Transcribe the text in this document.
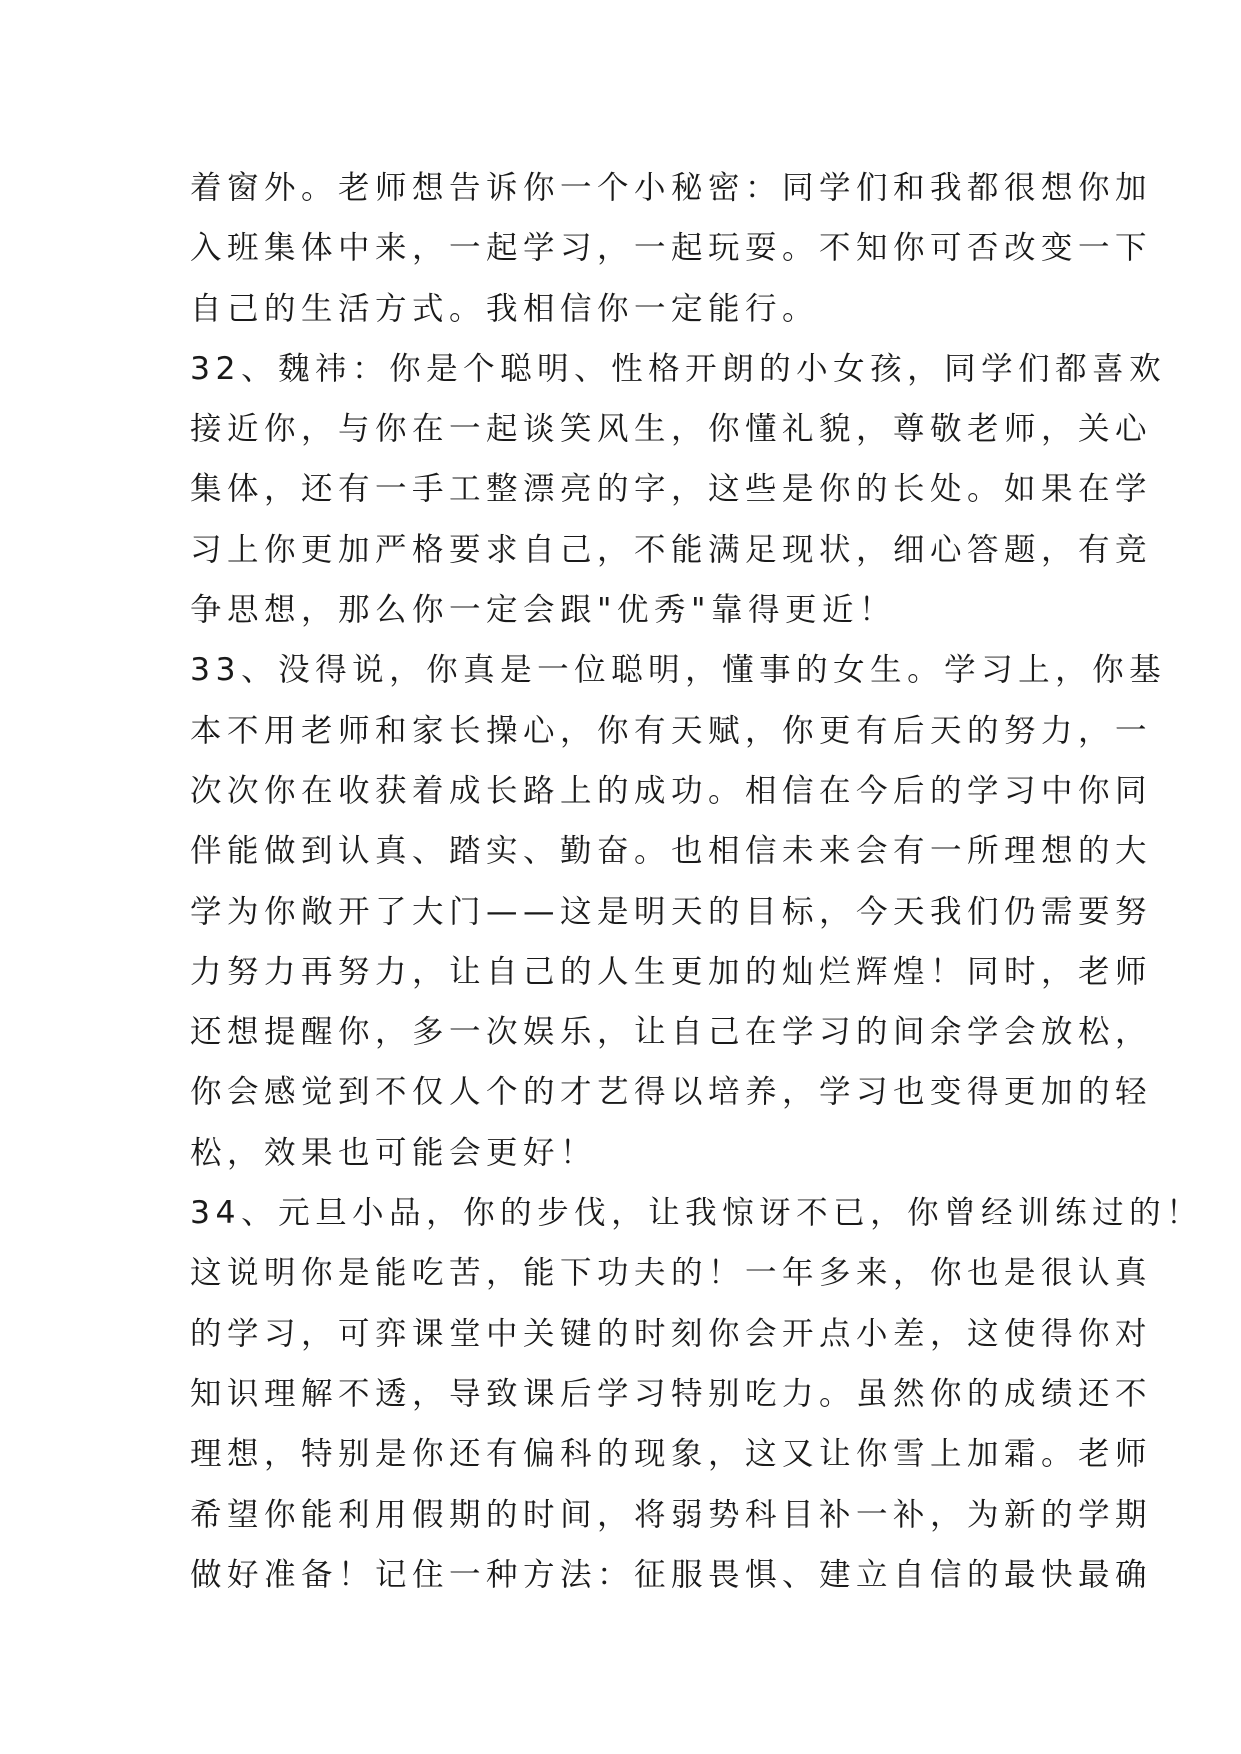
着窗外。老师想告诉你一个小秘密：同学们和我都很想你加
入班集体中来，一起学习，一起玩耍。不知你可否改变一下
自己的生活方式。我相信你一定能行。
32、魏祎：你是个聪明、性格开朗的小女孩，同学们都喜欢
接近你，与你在一起谈笑风生，你懂礼貌，尊敬老师，关心
集体，还有一手工整漂亮的字，这些是你的长处。如果在学
习上你更加严格要求自己，不能满足现状，细心答题，有竞
争思想，那么你一定会跟"优秀"靠得更近！
33、没得说，你真是一位聪明，懂事的女生。学习上，你基
本不用老师和家长操心，你有天赋，你更有后天的努力，一
次次你在收获着成长路上的成功。相信在今后的学习中你同
伴能做到认真、踏实、勤奋。也相信未来会有一所理想的大
学为你敞开了大门——这是明天的目标，今天我们仍需要努
力努力再努力，让自己的人生更加的灿烂辉煌！同时，老师
还想提醒你，多一次娱乐，让自己在学习的间余学会放松，
你会感觉到不仅人个的才艺得以培养，学习也变得更加的轻
松，效果也可能会更好！
34、元旦小品，你的步伐，让我惊讶不已，你曾经训练过的！
这说明你是能吃苦，能下功夫的！一年多来，你也是很认真
的学习，可弈课堂中关键的时刻你会开点小差，这使得你对
知识理解不透，导致课后学习特别吃力。虽然你的成绩还不
理想，特别是你还有偏科的现象，这又让你雪上加霜。老师
希望你能利用假期的时间，将弱势科目补一补，为新的学期
做好准备！记住一种方法：征服畏惧、建立自信的最快最确
